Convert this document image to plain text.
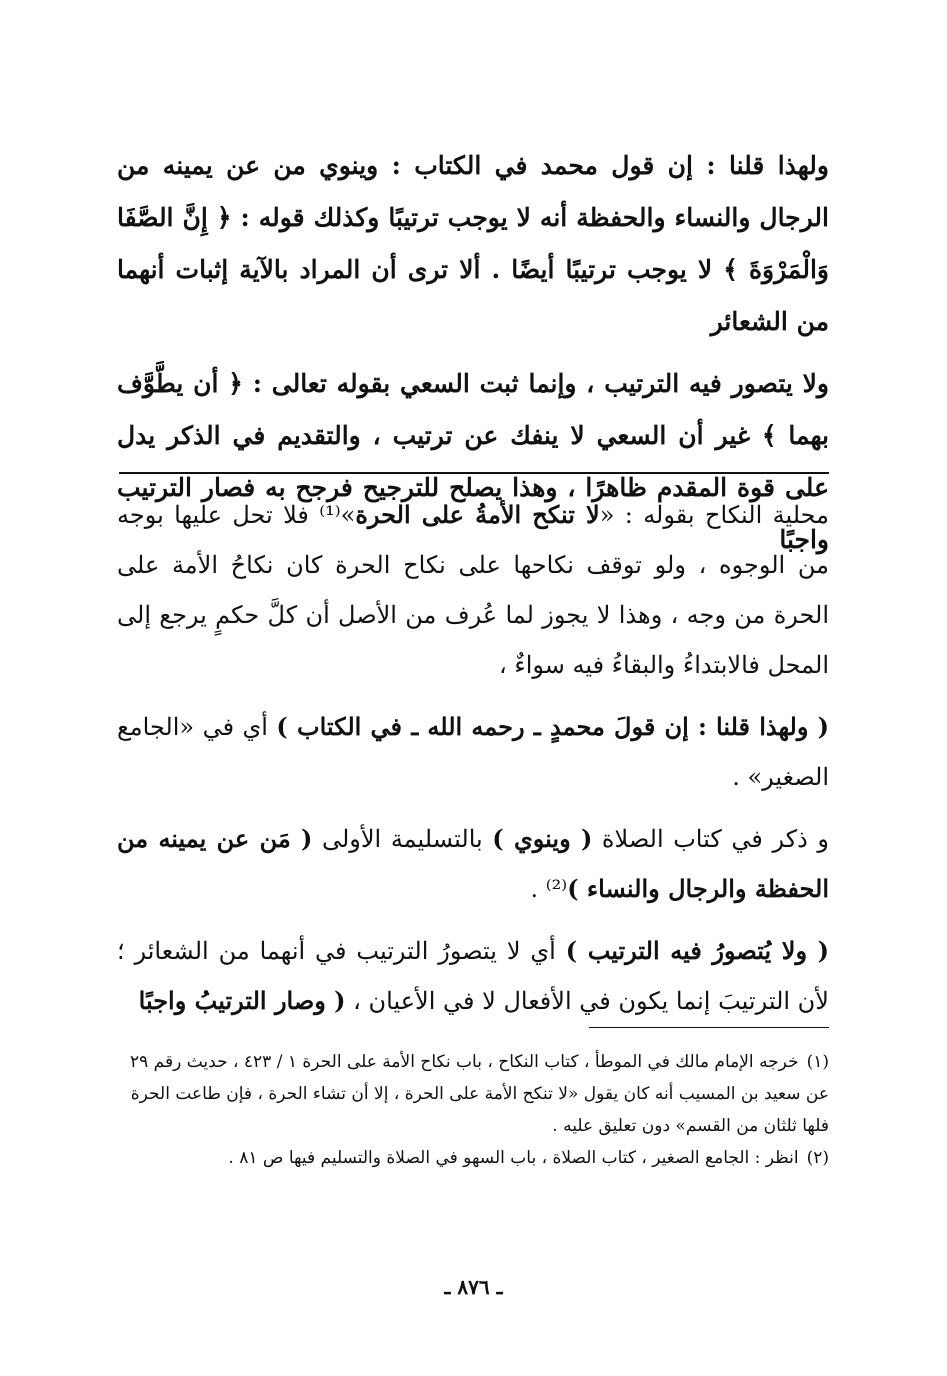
ولهذا قلنا : إن قول محمد في الكتاب : وينوي من عن يمينه من الرجال والنساء والحفظة أنه لا يوجب ترتيبًا وكذلك قوله : ﴿ إِنَّ الصَّفَا وَالْمَرْوَةَ ﴾ لا يوجب ترتيبًا أيضًا . ألا ترى أن المراد بالآية إثبات أنهما من الشعائر

ولا يتصور فيه الترتيب ، وإنما ثبت السعي بقوله تعالى : ﴿ أن يطَّوَّف بهما ﴾ غير أن السعي لا ينفك عن ترتيب ، والتقديم في الذكر يدل على قوة المقدم ظاهرًا ، وهذا يصلح للترجيح فرجح به فصار الترتيب واجبًا

محلية النكاح بقوله : «لا تنكح الأمةُ على الحرة»⁽¹⁾ فلا تحل عليها بوجه من الوجوه ، ولو توقف نكاحها على نكاح الحرة كان نكاحُ الأمة على الحرة من وجه ، وهذا لا يجوز لما عُرف من الأصل أن كلَّ حكمٍ يرجع إلى المحل فالابتداءُ والبقاءُ فيه سواءٌ ،

( ولهذا قلنا : إن قولَ محمدٍ ـ رحمه الله ـ في الكتاب ) أي في «الجامع الصغير» .

و ذكر في كتاب الصلاة ( وينوي ) بالتسليمة الأولى ( مَن عن يمينه من الحفظة والرجال والنساء )⁽²⁾ .

( ولا يُتصورُ فيه الترتيب ) أي لا يتصورُ الترتيب في أنهما من الشعائر ؛ لأن الترتيبَ إنما يكون في الأفعال لا في الأعيان ، ( وصار الترتيبُ واجبًا

(١)خرجه الإمام مالك في الموطأ ، كتاب النكاح ، باب نكاح الأمة على الحرة ١ / ٤٢٣ ، حديث رقم ٢٩ عن سعيد بن المسيب أنه كان يقول «لا تنكح الأمة على الحرة ، إلا أن تشاء الحرة ، فإن طاعت الحرة فلها ثلثان من القسم» دون تعليق عليه .

(٢)انظر : الجامع الصغير ، كتاب الصلاة ، باب السهو في الصلاة والتسليم فيها ص ٨١ .

ـ ٨٧٦ ـ
